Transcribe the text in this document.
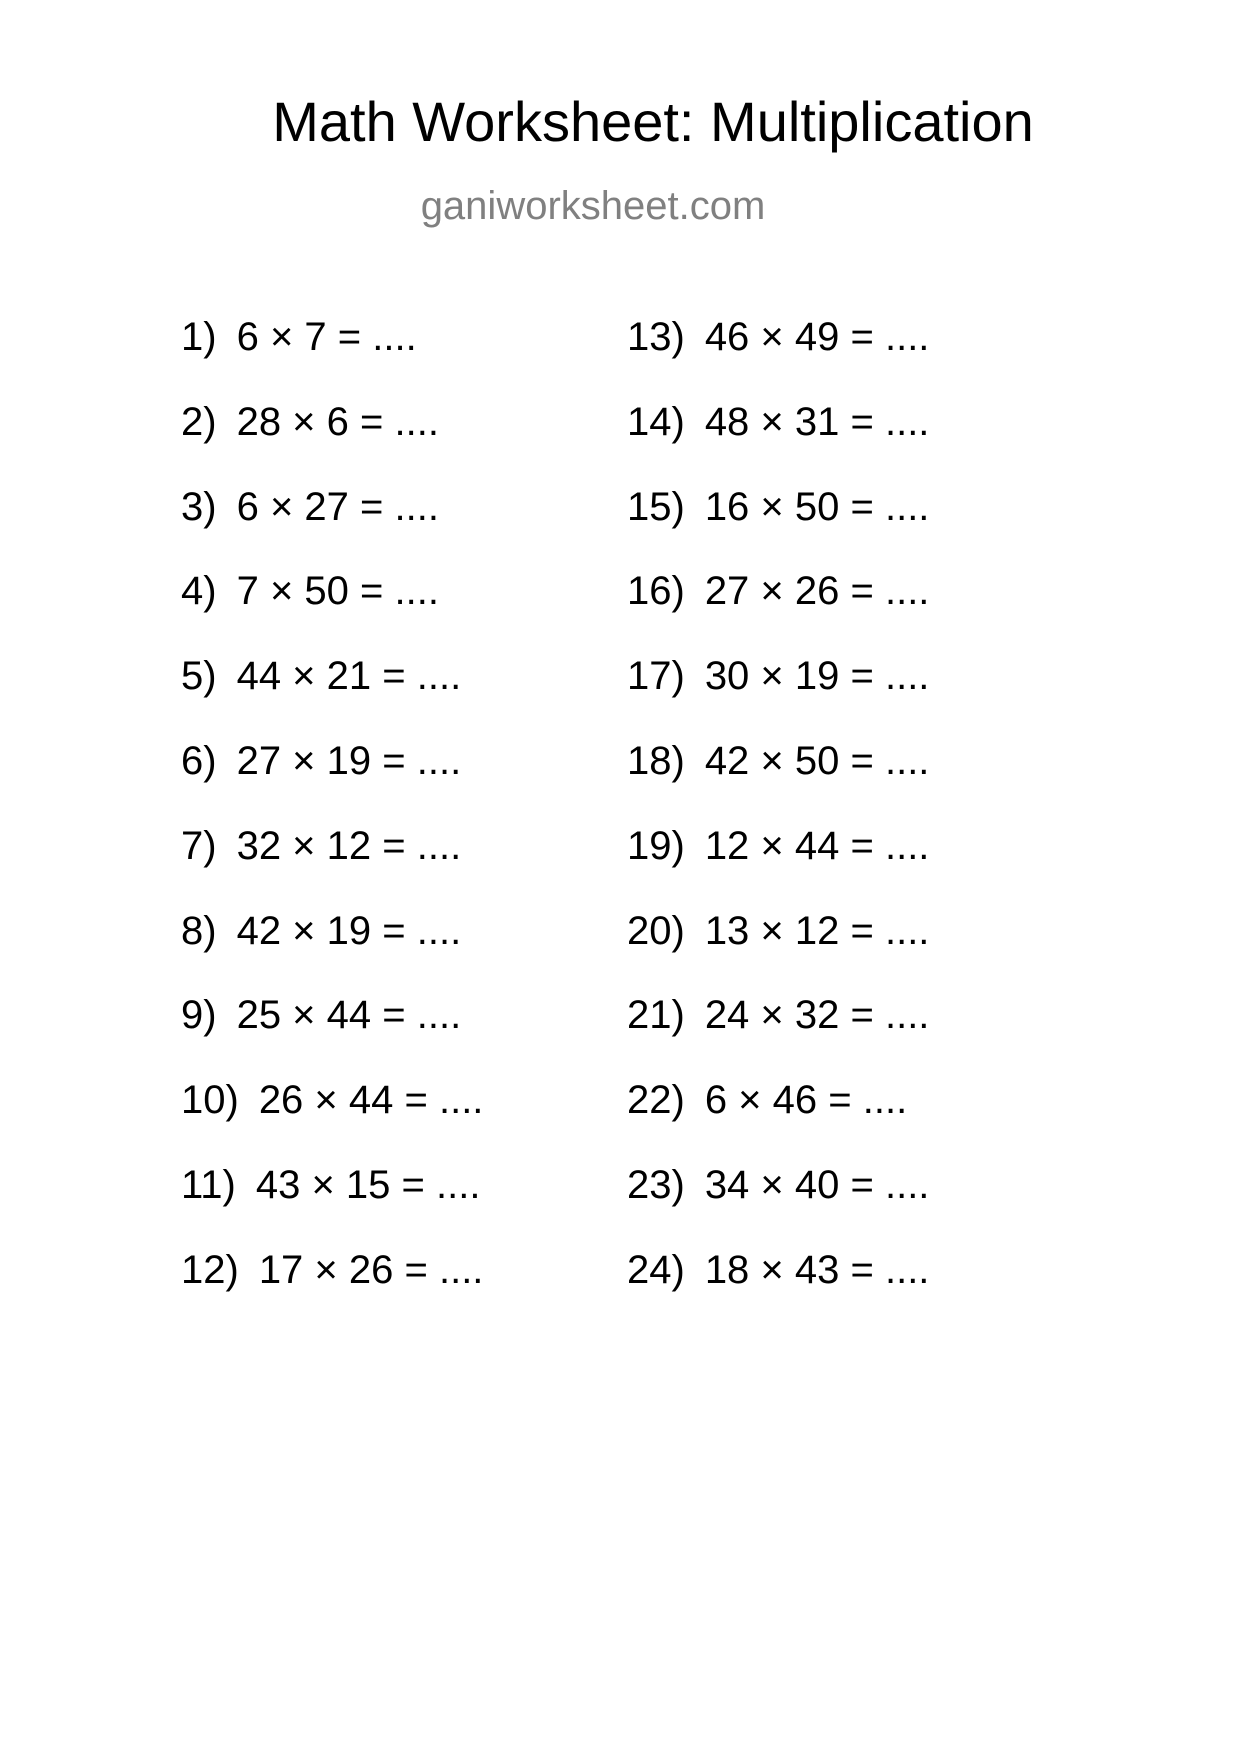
Math Worksheet: Multiplication
ganiworksheet.com
1) 6 × 7 = ....
2) 28 × 6 = ....
3) 6 × 27 = ....
4) 7 × 50 = ....
5) 44 × 21 = ....
6) 27 × 19 = ....
7) 32 × 12 = ....
8) 42 × 19 = ....
9) 25 × 44 = ....
10) 26 × 44 = ....
11) 43 × 15 = ....
12) 17 × 26 = ....
13) 46 × 49 = ....
14) 48 × 31 = ....
15) 16 × 50 = ....
16) 27 × 26 = ....
17) 30 × 19 = ....
18) 42 × 50 = ....
19) 12 × 44 = ....
20) 13 × 12 = ....
21) 24 × 32 = ....
22) 6 × 46 = ....
23) 34 × 40 = ....
24) 18 × 43 = ....
